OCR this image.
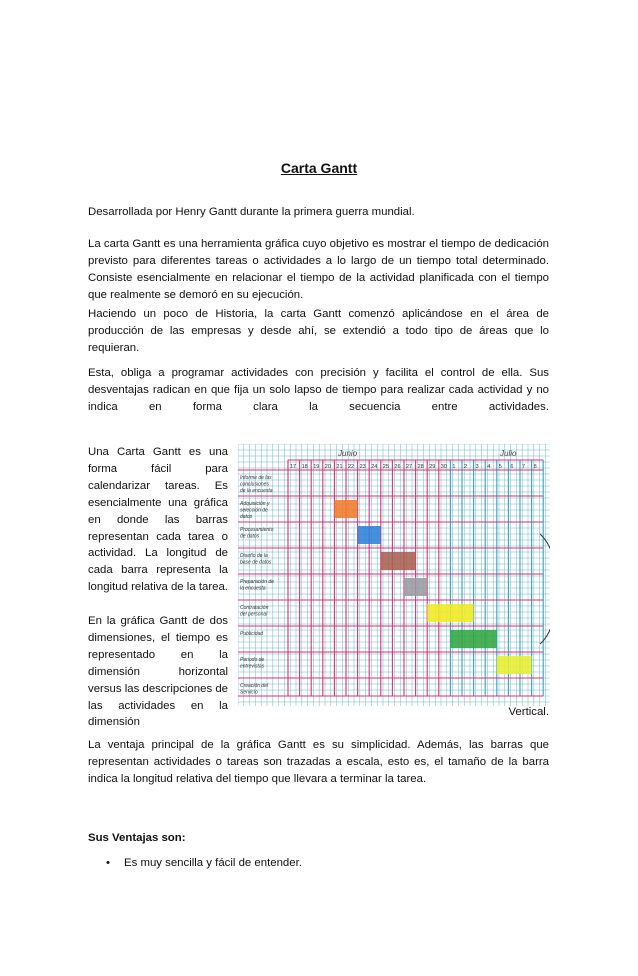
Carta Gantt

Desarrollada por Henry Gantt durante la primera guerra mundial.

La carta Gantt es una herramienta gráfica cuyo objetivo es mostrar el tiempo de dedicación previsto para diferentes tareas o actividades a lo largo de un tiempo total determinado. Consiste esencialmente en relacionar el tiempo de la actividad planificada con el tiempo que realmente se demoró en su ejecución.

Haciendo un poco de Historia, la carta Gantt comenzó aplicándose en el área de producción de las empresas y desde ahí, se extendió a todo tipo de áreas que lo requieran.

Esta, obliga a programar actividades con precisión y facilita el control de ella. Sus desventajas radican en que fija un solo lapso de tiempo para realizar cada actividad y no indica en forma clara la secuencia entre actividades.

Una Carta Gantt es una forma fácil para calendarizar tareas. Es esencialmente una gráfica en donde las barras representan cada tarea o actividad. La longitud de cada barra representa la longitud relativa de la tarea.

En la gráfica Gantt de dos dimensiones, el tiempo es representado en la dimensión horizontal versus las descripciones de las actividades en la dimensión

Vertical.
Informe de las conclusiones de la encuesta
Adquisición y selección de datos
Procesamiento de datos
Diseño de la base de datos
Preparación de la encuesta
Contratación del personal
Publicidad
Periodo de entrevistas
Creación del Servicio
17 18 19 20 21 22 23 24 25 26 27 28 29 30 1 2 3 4 5 6 7 8
Junio	Julio

La ventaja principal de la gráfica Gantt es su simplicidad. Además, las barras que representan actividades o tareas son trazadas a escala, esto es, el tamaño de la barra indica la longitud relativa del tiempo que llevara a terminar la tarea.

Sus Ventajas son:

• Es muy sencilla y fácil de entender.
